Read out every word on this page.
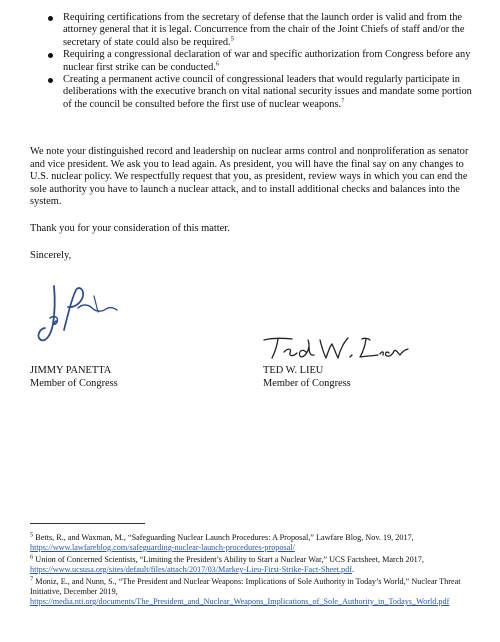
Requiring certifications from the secretary of defense that the launch order is valid and from the attorney general that it is legal. Concurrence from the chair of the Joint Chiefs of staff and/or the secretary of state could also be required.$^5$
Requiring a congressional declaration of war and specific authorization from Congress before any nuclear first strike can be conducted.$^6$
Creating a permanent active council of congressional leaders that would regularly participate in deliberations with the executive branch on vital national security issues and mandate some portion of the council be consulted before the first use of nuclear weapons.$^7$
We note your distinguished record and leadership on nuclear arms control and nonproliferation as senator and vice president. We ask you to lead again. As president, you will have the final say on any changes to U.S. nuclear policy. We respectfully request that you, as president, review ways in which you can end the sole authority you have to launch a nuclear attack, and to install additional checks and balances into the system.
Thank you for your consideration of this matter.
Sincerely,
JIMMY PANETTA
Member of Congress
TED W. LIEU
Member of Congress
$^5$ Betts, R., and Waxman, M., “Safeguarding Nuclear Launch Procedures: A Proposal,” Lawfare Blog, Nov. 19, 2017, https://www.lawfareblog.com/safeguarding-nuclear-launch-procedures-proposal/
$^6$ Union of Concerned Scientists, “Limiting the President’s Ability to Start a Nuclear War,” UCS Factsheet, March 2017, https://www.ucsusa.org/sites/default/files/attach/2017/03/Markey-Lieu-First-Strike-Fact-Sheet.pdf.
$^7$ Moniz, E., and Nunn, S., “The President and Nuclear Weapons: Implications of Sole Authority in Today’s World,” Nuclear Threat Initiative, December 2019, https://media.nti.org/documents/The_President_and_Nuclear_Weapons_Implications_of_Sole_Authority_in_Todays_World.pdf
